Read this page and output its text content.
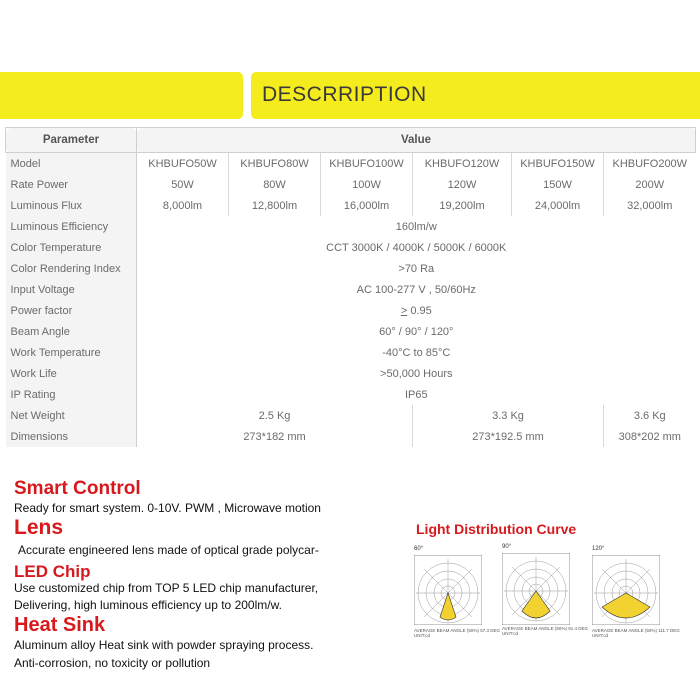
DESCRRIPTION
Parameter	Value					
Model	KHBUFO50W	KHBUFO80W	KHBUFO100W	KHBUFO120W	KHBUFO150W	KHBUFO200W
Rate Power	50W	80W	100W	120W	150W	200W
Luminous Flux	8,000lm	12,800lm	16,000lm	19,200lm	24,000lm	32,000lm
Luminous Efficiency	160lm/w					
Color Temperature	CCT 3000K / 4000K / 5000K / 6000K					
Color Rendering Index	>70 Ra					
Input Voltage	AC 100-277 V , 50/60Hz					
Power factor	> 0.95					
Beam Angle	60° / 90° / 120°					
Work Temperature	-40°C to 85°C					
Work Life	>50,000 Hours					
IP Rating	IP65					
Net Weight	2.5 Kg			3.3 Kg		3.6 Kg
Dimensions	273*182 mm			273*192.5 mm		308*202 mm
Smart Control
Ready for smart system. 0-10V. PWM , Microwave motion
Lens
Accurate engineered lens made of optical grade polycar-
LED Chip
Use customized chip from TOP 5 LED chip manufacturer,
Delivering, high luminous efficiency up to 200lm/w.
Heat Sink
Aluminum alloy Heat sink with powder spraying process.
Anti-corrosion, no toxicity or pollution
Light Distribution Curve
60°
AVERAGE BEAM ANGLE (50%) 57.3 DEG
UNIT:cd
90°
AVERAGE BEAM ANGLE (50%) 91.4 DEG
UNIT:cd
120°
AVERAGE BEAM ANGLE (50%) 111.7 DEG
UNIT:cd
